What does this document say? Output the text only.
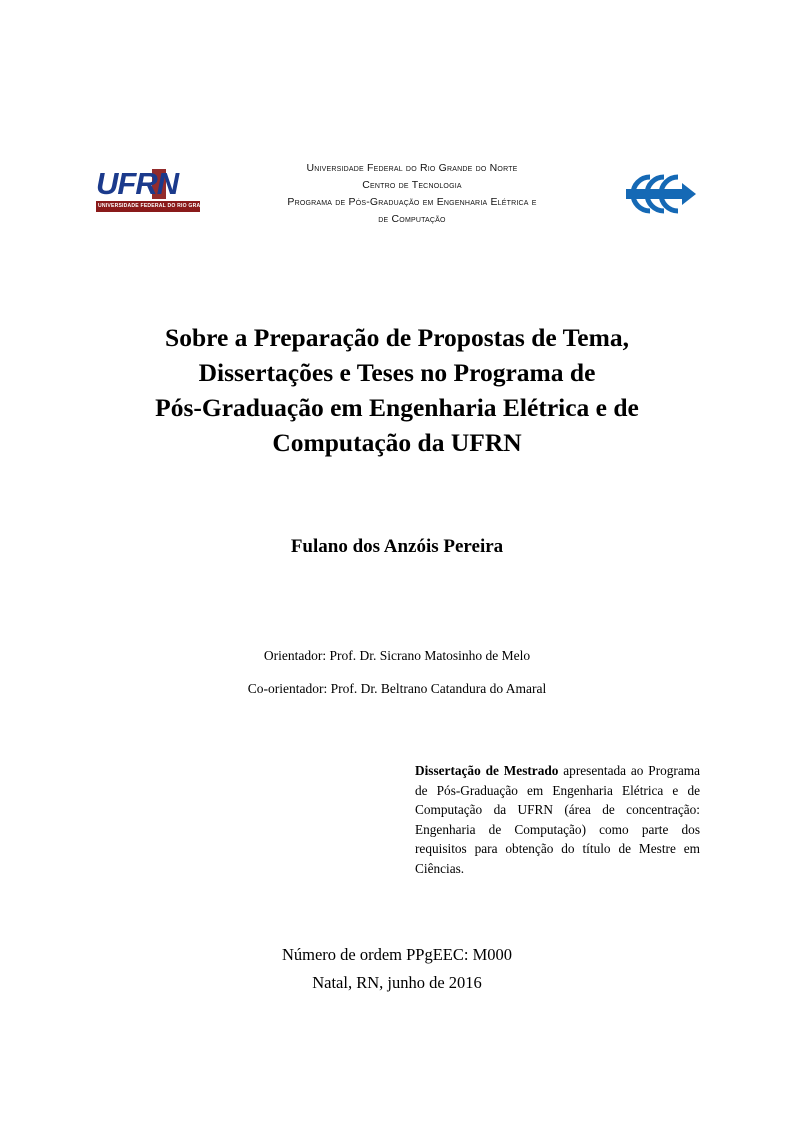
UFRN
UNIVERSIDADE FEDERAL DO RIO GRANDE DO NORTE
Universidade Federal do Rio Grande do Norte
Centro de Tecnologia
Programa de Pós-Graduação em Engenharia Elétrica e
de Computação
Sobre a Preparação de Propostas de Tema,
Dissertações e Teses no Programa de
Pós-Graduação em Engenharia Elétrica e de
Computação da UFRN
Fulano dos Anzóis Pereira
Orientador: Prof. Dr. Sicrano Matosinho de Melo
Co-orientador: Prof. Dr. Beltrano Catandura do Amaral
Dissertação de Mestrado apresentada ao Programa de Pós-Graduação em Engenharia Elétrica e de Computação da UFRN (área de concentração: Engenharia de Computação) como parte dos requisitos para obtenção do título de Mestre em Ciências.
Número de ordem PPgEEC: M000
Natal, RN, junho de 2016
